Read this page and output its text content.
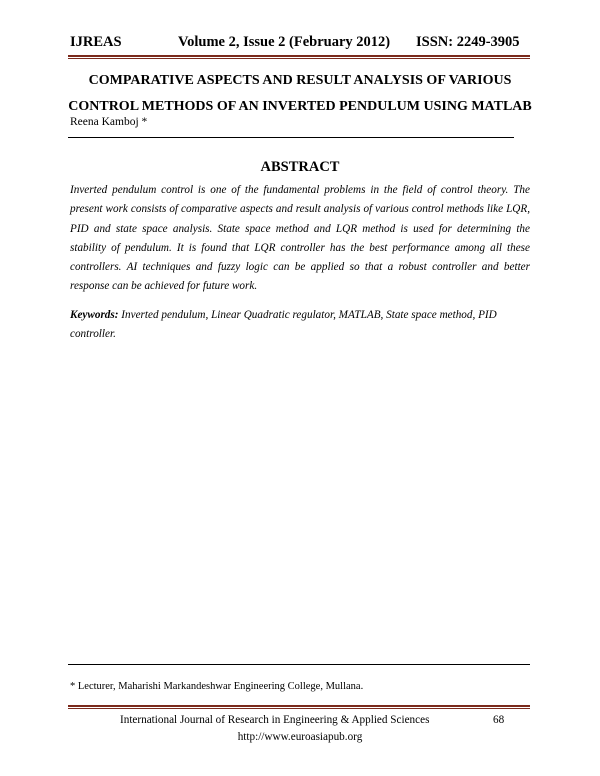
IJREAS	Volume 2, Issue 2 (February 2012) ISSN: 2249-3905
COMPARATIVE ASPECTS AND RESULT ANALYSIS OF VARIOUS
CONTROL METHODS OF AN INVERTED PENDULUM USING MATLAB
Reena Kamboj *
ABSTRACT
Inverted pendulum control is one of the fundamental problems in the field of control theory. The present work consists of comparative aspects and result analysis of various control methods like LQR, PID and state space analysis. State space method and LQR method is used for determining the stability of pendulum. It is found that LQR controller has the best performance among all these controllers. AI techniques and fuzzy logic can be applied so that a robust controller and better response can be achieved for future work.
Keywords: Inverted pendulum, Linear Quadratic regulator, MATLAB, State space method, PID controller.
* Lecturer, Maharishi Markandeshwar Engineering College, Mullana.
International Journal of Research in Engineering & Applied Sciences	68
http://www.euroasiapub.org
